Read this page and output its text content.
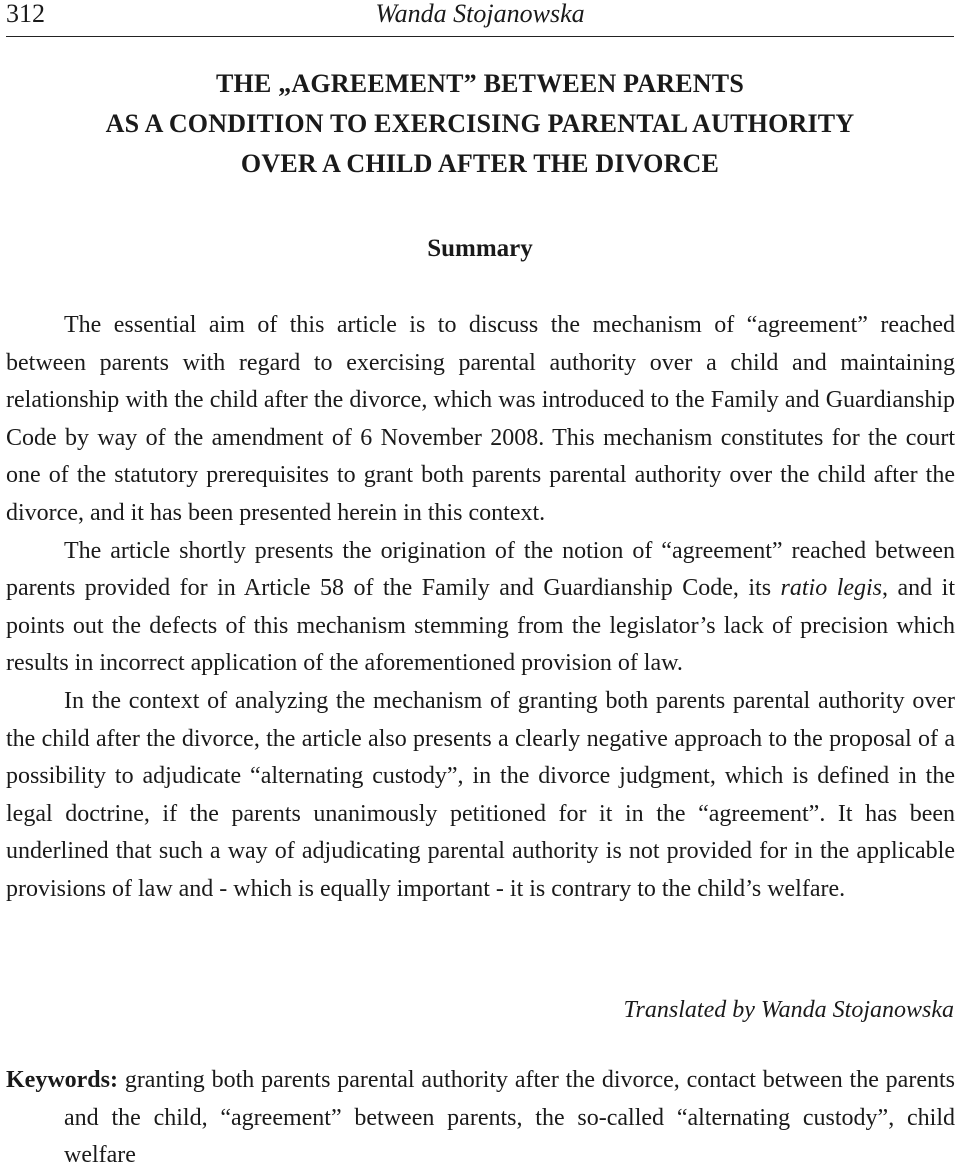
312	Wanda Stojanowska
THE „AGREEMENT” BETWEEN PARENTS
AS A CONDITION TO EXERCISING PARENTAL AUTHORITY
OVER A CHILD AFTER THE DIVORCE
Summary

The essential aim of this article is to discuss the mechanism of “agreement” reached between parents with regard to exercising parental authority over a child and maintaining relationship with the child after the divorce, which was introduced to the Family and Guardianship Code by way of the amendment of 6 November 2008. This mechanism constitutes for the court one of the statutory prerequisites to grant both parents parental authority over the child after the divorce, and it has been presented herein in this context.

The article shortly presents the origination of the notion of “agreement” reached between parents provided for in Article 58 of the Family and Guardianship Code, its ratio legis, and it points out the defects of this mechanism stemming from the legislator’s lack of precision which results in incorrect application of the aforementioned provision of law.

In the context of analyzing the mechanism of granting both parents parental authority over the child after the divorce, the article also presents a clearly negative approach to the proposal of a possibility to adjudicate “alternating custody”, in the divorce judgment, which is defined in the legal doctrine, if the parents unanimously petitioned for it in the “agreement”. It has been underlined that such a way of adjudicating parental authority is not provided for in the applicable provisions of law and - which is equally important - it is contrary to the child’s welfare.

Translated by Wanda Stojanowska
Keywords: granting both parents parental authority after the divorce, contact between the parents and the child, “agreement” between parents, the so-called “alternating custody”, child welfare
